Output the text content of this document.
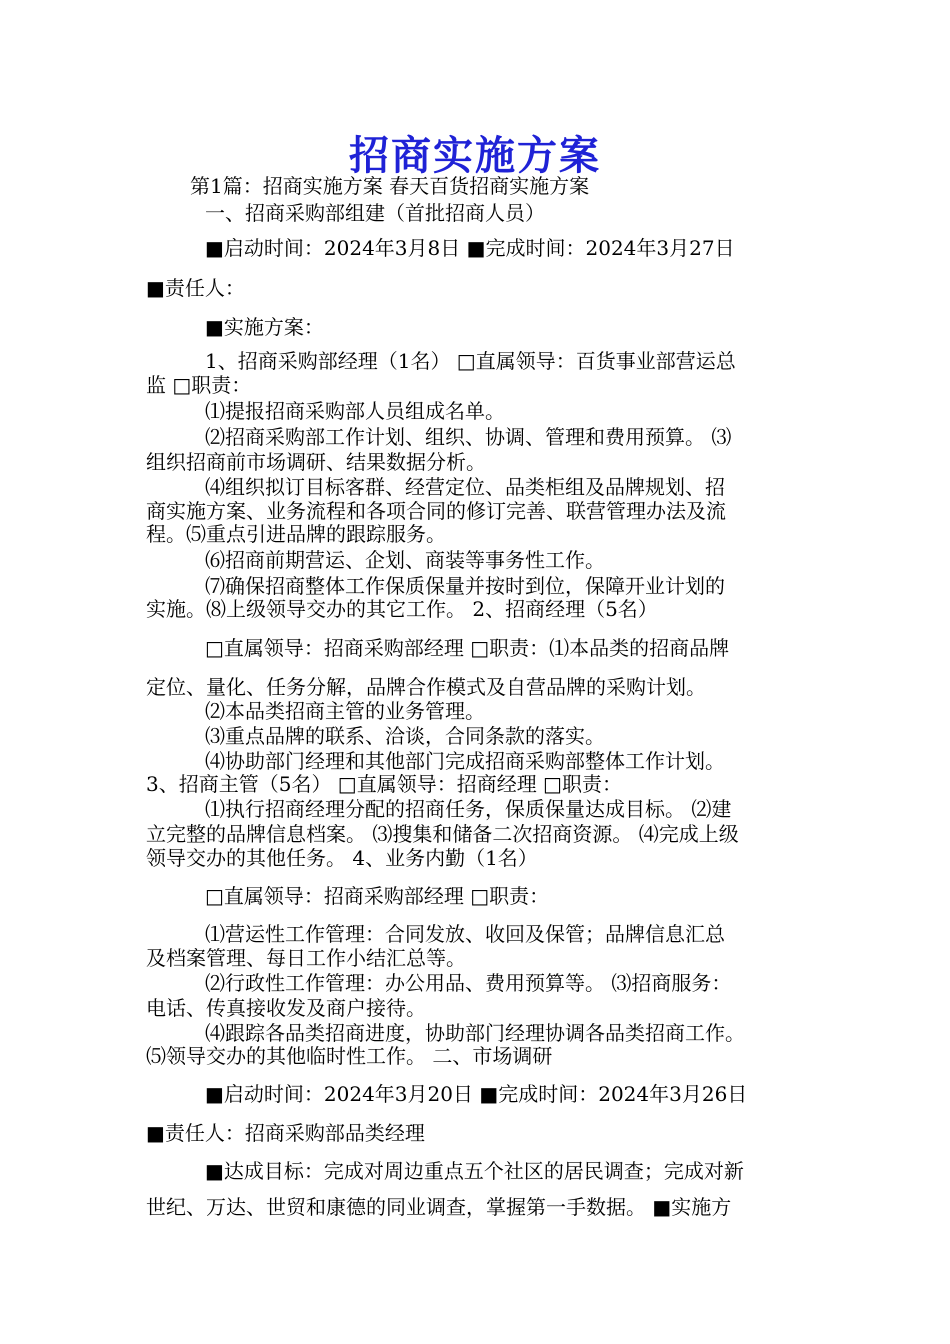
招商实施方案
第1篇：招商实施方案 春天百货招商实施方案
一、招商采购部组建（首批招商人员）
■启动时间：2024年3月8日 ■完成时间：2024年3月27日
■责任人：
■实施方案：
1、招商采购部经理（1名） □直属领导：百货事业部营运总
监 □职责：
⑴提报招商采购部人员组成名单。
⑵招商采购部工作计划、组织、协调、管理和费用预算。 ⑶
组织招商前市场调研、结果数据分析。
⑷组织拟订目标客群、经营定位、品类柜组及品牌规划、招
商实施方案、业务流程和各项合同的修订完善、联营管理办法及流
程。⑸重点引进品牌的跟踪服务。
⑹招商前期营运、企划、商装等事务性工作。
⑺确保招商整体工作保质保量并按时到位，保障开业计划的
实施。⑻上级领导交办的其它工作。 2、招商经理（5名）
□直属领导：招商采购部经理 □职责：⑴本品类的招商品牌
定位、量化、任务分解，品牌合作模式及自营品牌的采购计划。
⑵本品类招商主管的业务管理。
⑶重点品牌的联系、洽谈，合同条款的落实。
⑷协助部门经理和其他部门完成招商采购部整体工作计划。
3、招商主管（5名） □直属领导：招商经理 □职责：
⑴执行招商经理分配的招商任务，保质保量达成目标。 ⑵建
立完整的品牌信息档案。 ⑶搜集和储备二次招商资源。 ⑷完成上级
领导交办的其他任务。 4、业务内勤（1名）
□直属领导：招商采购部经理 □职责：
⑴营运性工作管理：合同发放、收回及保管；品牌信息汇总
及档案管理、每日工作小结汇总等。
⑵行政性工作管理：办公用品、费用预算等。 ⑶招商服务：
电话、传真接收发及商户接待。
⑷跟踪各品类招商进度，协助部门经理协调各品类招商工作。
⑸领导交办的其他临时性工作。 二、市场调研
■启动时间：2024年3月20日 ■完成时间：2024年3月26日
■责任人：招商采购部品类经理
■达成目标：完成对周边重点五个社区的居民调查；完成对新
世纪、万达、世贸和康德的同业调查，掌握第一手数据。 ■实施方
